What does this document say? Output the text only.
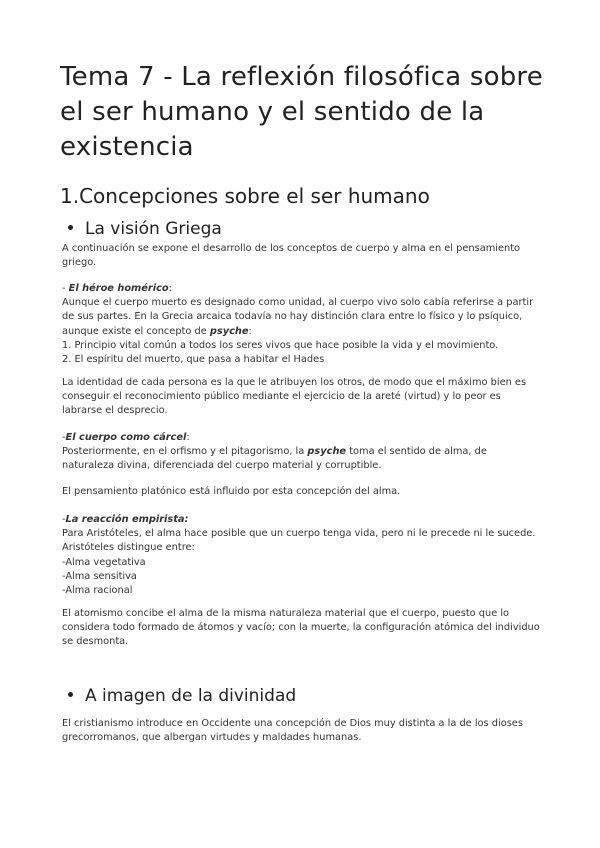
Tema 7 - La reflexión filosófica sobre el ser humano y el sentido de la existencia
1.Concepciones sobre el ser humano
La visión Griega

A continuación se expone el desarrollo de los conceptos de cuerpo y alma en el pensamiento griego.

- El héroe homérico:
Aunque el cuerpo muerto es designado como unidad, al cuerpo vivo solo cabía referirse a partir de sus partes. En la Grecia arcaica todavía no hay distinción clara entre lo físico y lo psíquico, aunque existe el concepto de psyche:
1. Principio vital común a todos los seres vivos que hace posible la vida y el movimiento.
2. El espíritu del muerto, que pasa a habitar el Hades

La identidad de cada persona es la que le atribuyen los otros, de modo que el máximo bien es conseguir el reconocimiento público mediante el ejercicio de la areté (virtud) y lo peor es labrarse el desprecio.

-El cuerpo como cárcel:
Posteriormente, en el orfismo y el pitagorismo, la psyche toma el sentido de alma, de naturaleza divina, diferenciada del cuerpo material y corruptible.

El pensamiento platónico está influido por esta concepción del alma.

-La reacción empirista:
Para Aristóteles, el alma hace posible que un cuerpo tenga vida, pero ni le precede ni le sucede. Aristóteles distingue entre:
-Alma vegetativa
-Alma sensitiva
-Alma racional

El atomismo concibe el alma de la misma naturaleza material que el cuerpo, puesto que lo considera todo formado de átomos y vacío; con la muerte, la configuración atómica del individuo se desmonta.

A imagen de la divinidad

El cristianismo introduce en Occidente una concepción de Dios muy distinta a la de los dioses grecorromanos, que albergan virtudes y maldades humanas.
